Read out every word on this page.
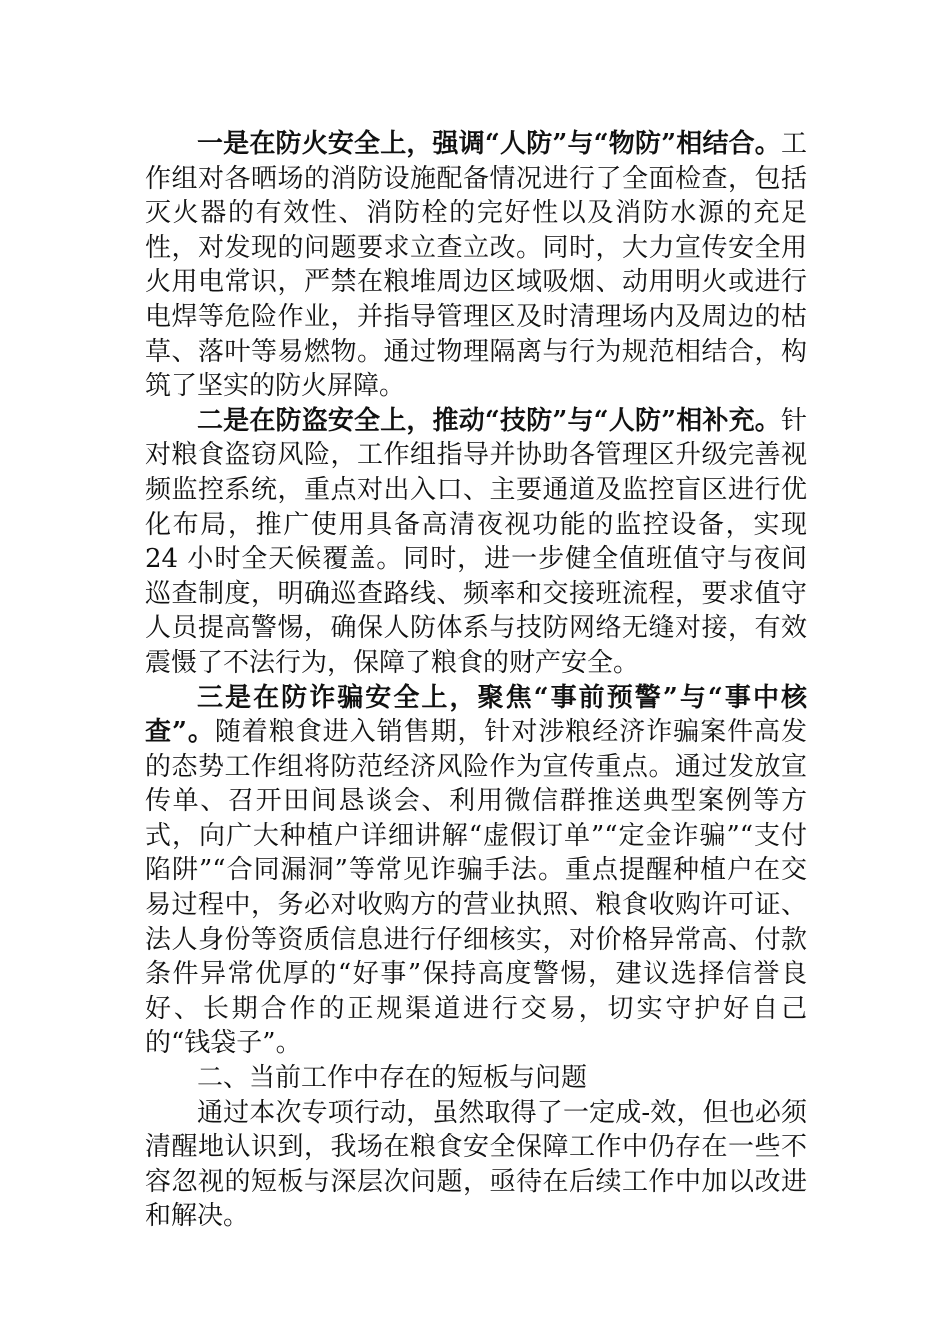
一是在防火安全上，强调“人防”与“物防”相结合。工作组对各晒场的消防设施配备情况进行了全面检查，包括灭火器的有效性、消防栓的完好性以及消防水源的充足性，对发现的问题要求立查立改。同时，大力宣传安全用火用电常识，严禁在粮堆周边区域吸烟、动用明火或进行电焊等危险作业，并指导管理区及时清理场内及周边的枯草、落叶等易燃物。通过物理隔离与行为规范相结合，构筑了坚实的防火屏障。

二是在防盗安全上，推动“技防”与“人防”相补充。针对粮食盗窃风险，工作组指导并协助各管理区升级完善视频监控系统，重点对出入口、主要通道及监控盲区进行优化布局，推广使用具备高清夜视功能的监控设备，实现 24 小时全天候覆盖。同时，进一步健全值班值守与夜间巡查制度，明确巡查路线、频率和交接班流程，要求值守人员提高警惕，确保人防体系与技防网络无缝对接，有效震慑了不法行为，保障了粮食的财产安全。

三是在防诈骗安全上，聚焦“事前预警”与“事中核查”。随着粮食进入销售期，针对涉粮经济诈骗案件高发的态势工作组将防范经济风险作为宣传重点。通过发放宣传单、召开田间恳谈会、利用微信群推送典型案例等方式，向广大种植户详细讲解“虚假订单”“定金诈骗”“支付陷阱”“合同漏洞”等常见诈骗手法。重点提醒种植户在交易过程中，务必对收购方的营业执照、粮食收购许可证、法人身份等资质信息进行仔细核实，对价格异常高、付款条件异常优厚的“好事”保持高度警惕，建议选择信誉良好、长期合作的正规渠道进行交易，切实守护好自己的“钱袋子”。

二、当前工作中存在的短板与问题

通过本次专项行动，虽然取得了一定成-效，但也必须清醒地认识到，我场在粮食安全保障工作中仍存在一些不容忽视的短板与深层次问题，亟待在后续工作中加以改进和解决。
